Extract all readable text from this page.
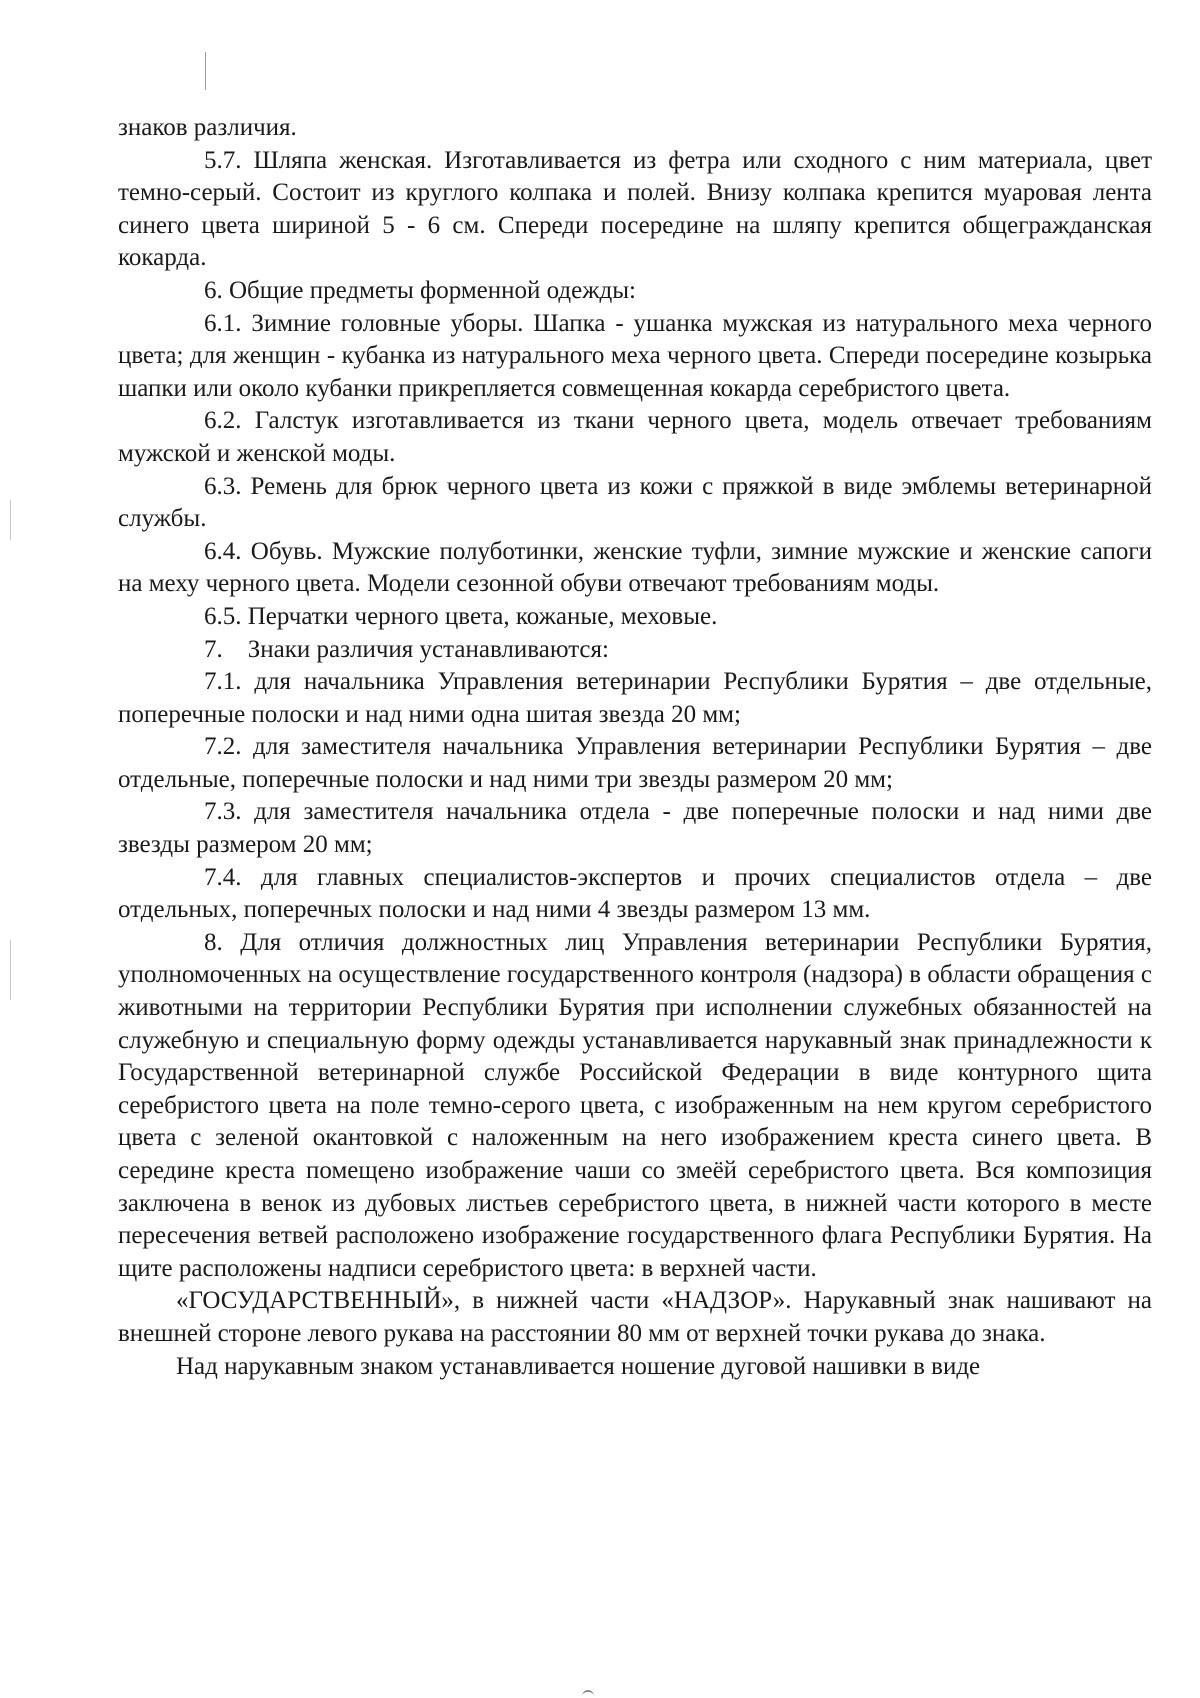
знаков различия.

5.7. Шляпа женская. Изготавливается из фетра или сходного с ним материала, цвет темно-серый. Состоит из круглого колпака и полей. Внизу колпака крепится муаровая лента синего цвета шириной 5 - 6 см. Спереди посередине на шляпу крепится общегражданская кокарда.

6. Общие предметы форменной одежды:

6.1. Зимние головные уборы. Шапка - ушанка мужская из натурального меха черного цвета; для женщин - кубанка из натурального меха черного цвета. Спереди посередине козырька шапки или около кубанки прикрепляется совмещенная кокарда серебристого цвета.

6.2. Галстук изготавливается из ткани черного цвета, модель отвечает требованиям мужской и женской моды.

6.3. Ремень для брюк черного цвета из кожи с пряжкой в виде эмблемы ветеринарной службы.

6.4. Обувь. Мужские полуботинки, женские туфли, зимние мужские и женские сапоги на меху черного цвета. Модели сезонной обуви отвечают требованиям моды.

6.5. Перчатки черного цвета, кожаные, меховые.

7.    Знаки различия устанавливаются:

7.1. для начальника Управления ветеринарии Республики Бурятия – две отдельные, поперечные полоски и над ними одна шитая звезда 20 мм;

7.2. для заместителя начальника Управления ветеринарии Республики Бурятия – две отдельные, поперечные полоски и над ними три звезды размером 20 мм;

7.3. для заместителя начальника отдела - две поперечные полоски и над ними две звезды размером 20 мм;

7.4. для главных специалистов-экспертов и прочих специалистов отдела – две отдельных, поперечных полоски и над ними 4 звезды размером 13 мм.

8. Для отличия должностных лиц Управления ветеринарии Республики Бурятия, уполномоченных на осуществление государственного контроля (надзора) в области обращения с животными на территории Республики Бурятия при исполнении служебных обязанностей на служебную и специальную форму одежды устанавливается нарукавный знак принадлежности к Государственной ветеринарной службе Российской Федерации в виде контурного щита серебристого цвета на поле темно-серого цвета, с изображенным на нем кругом серебристого цвета с зеленой окантовкой с наложенным на него изображением креста синего цвета. В середине креста помещено изображение чаши со змеёй серебристого цвета. Вся композиция заключена в венок из дубовых листьев серебристого цвета, в нижней части которого в месте пересечения ветвей расположено изображение государственного флага Республики Бурятия. На щите расположены надписи серебристого цвета: в верхней части.

«ГОСУДАРСТВЕННЫЙ», в нижней части «НАДЗОР». Нарукавный знак нашивают на внешней стороне левого рукава на расстоянии 80 мм от верхней точки рукава до знака.

Над нарукавным знаком устанавливается ношение дуговой нашивки в виде
